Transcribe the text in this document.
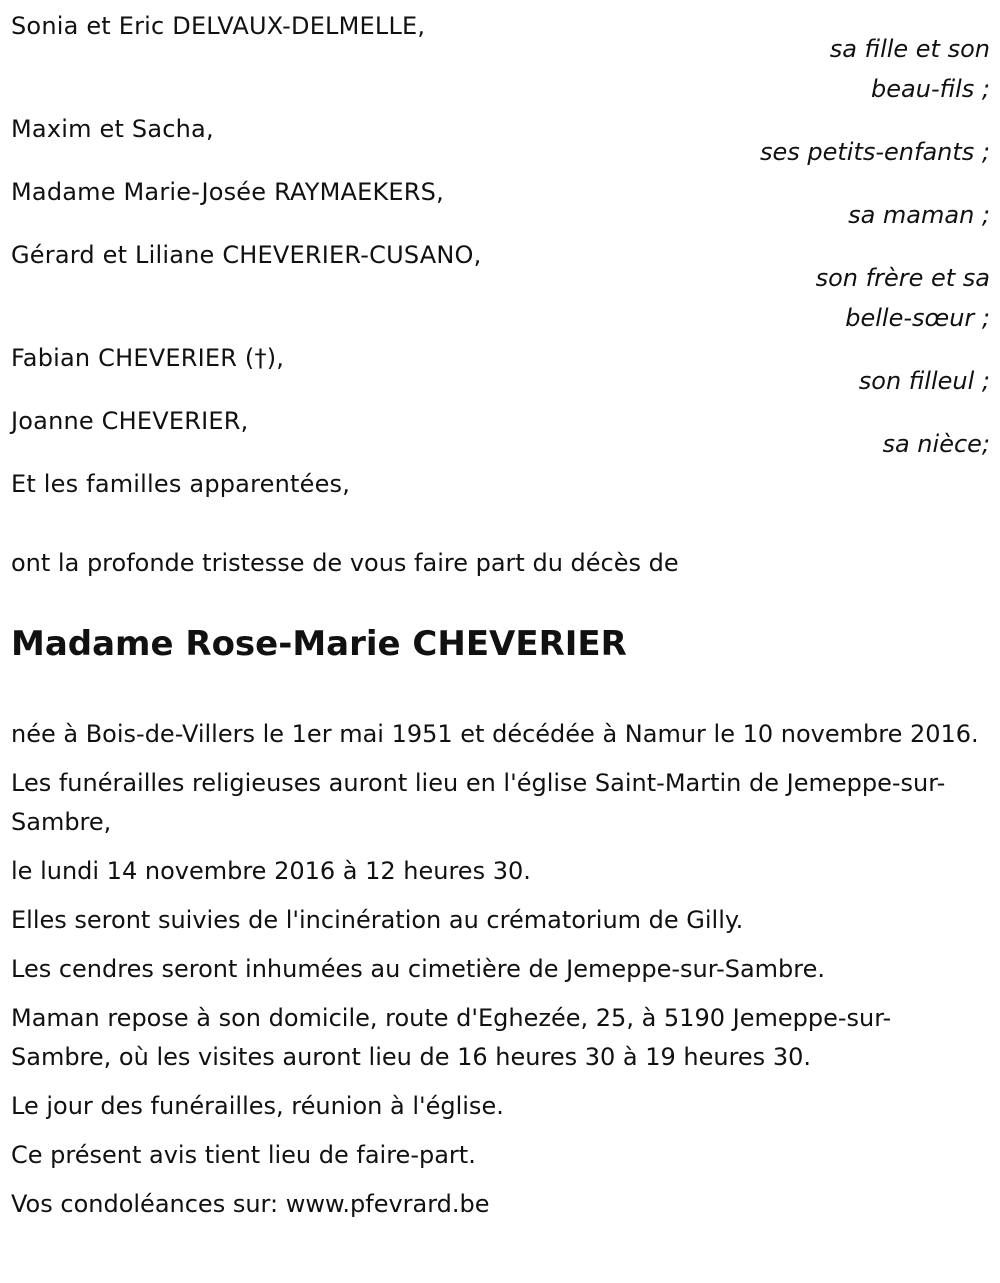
Sonia et Eric DELVAUX-DELMELLE,
sa fille et son
beau-fils ;
Maxim et Sacha,
ses petits-enfants ;
Madame Marie-Josée RAYMAEKERS,
sa maman ;
Gérard et Liliane CHEVERIER-CUSANO,
son frère et sa
belle-sœur ;
Fabian CHEVERIER (†),
son filleul ;
Joanne CHEVERIER,
sa nièce;
Et les familles apparentées,
ont la profonde tristesse de vous faire part du décès de
Madame Rose-Marie CHEVERIER

née à Bois-de-Villers le 1er mai 1951 et décédée à Namur le 10 novembre 2016.

Les funérailles religieuses auront lieu en l'église Saint-Martin de Jemeppe-sur-Sambre,

le lundi 14 novembre 2016 à 12 heures 30.

Elles seront suivies de l'incinération au crématorium de Gilly.

Les cendres seront inhumées au cimetière de Jemeppe-sur-Sambre.

Maman repose à son domicile, route d'Eghezée, 25, à 5190 Jemeppe-sur-Sambre, où les visites auront lieu de 16 heures 30 à 19 heures 30.

Le jour des funérailles, réunion à l'église.

Ce présent avis tient lieu de faire-part.

Vos condoléances sur: www.pfevrard.be
